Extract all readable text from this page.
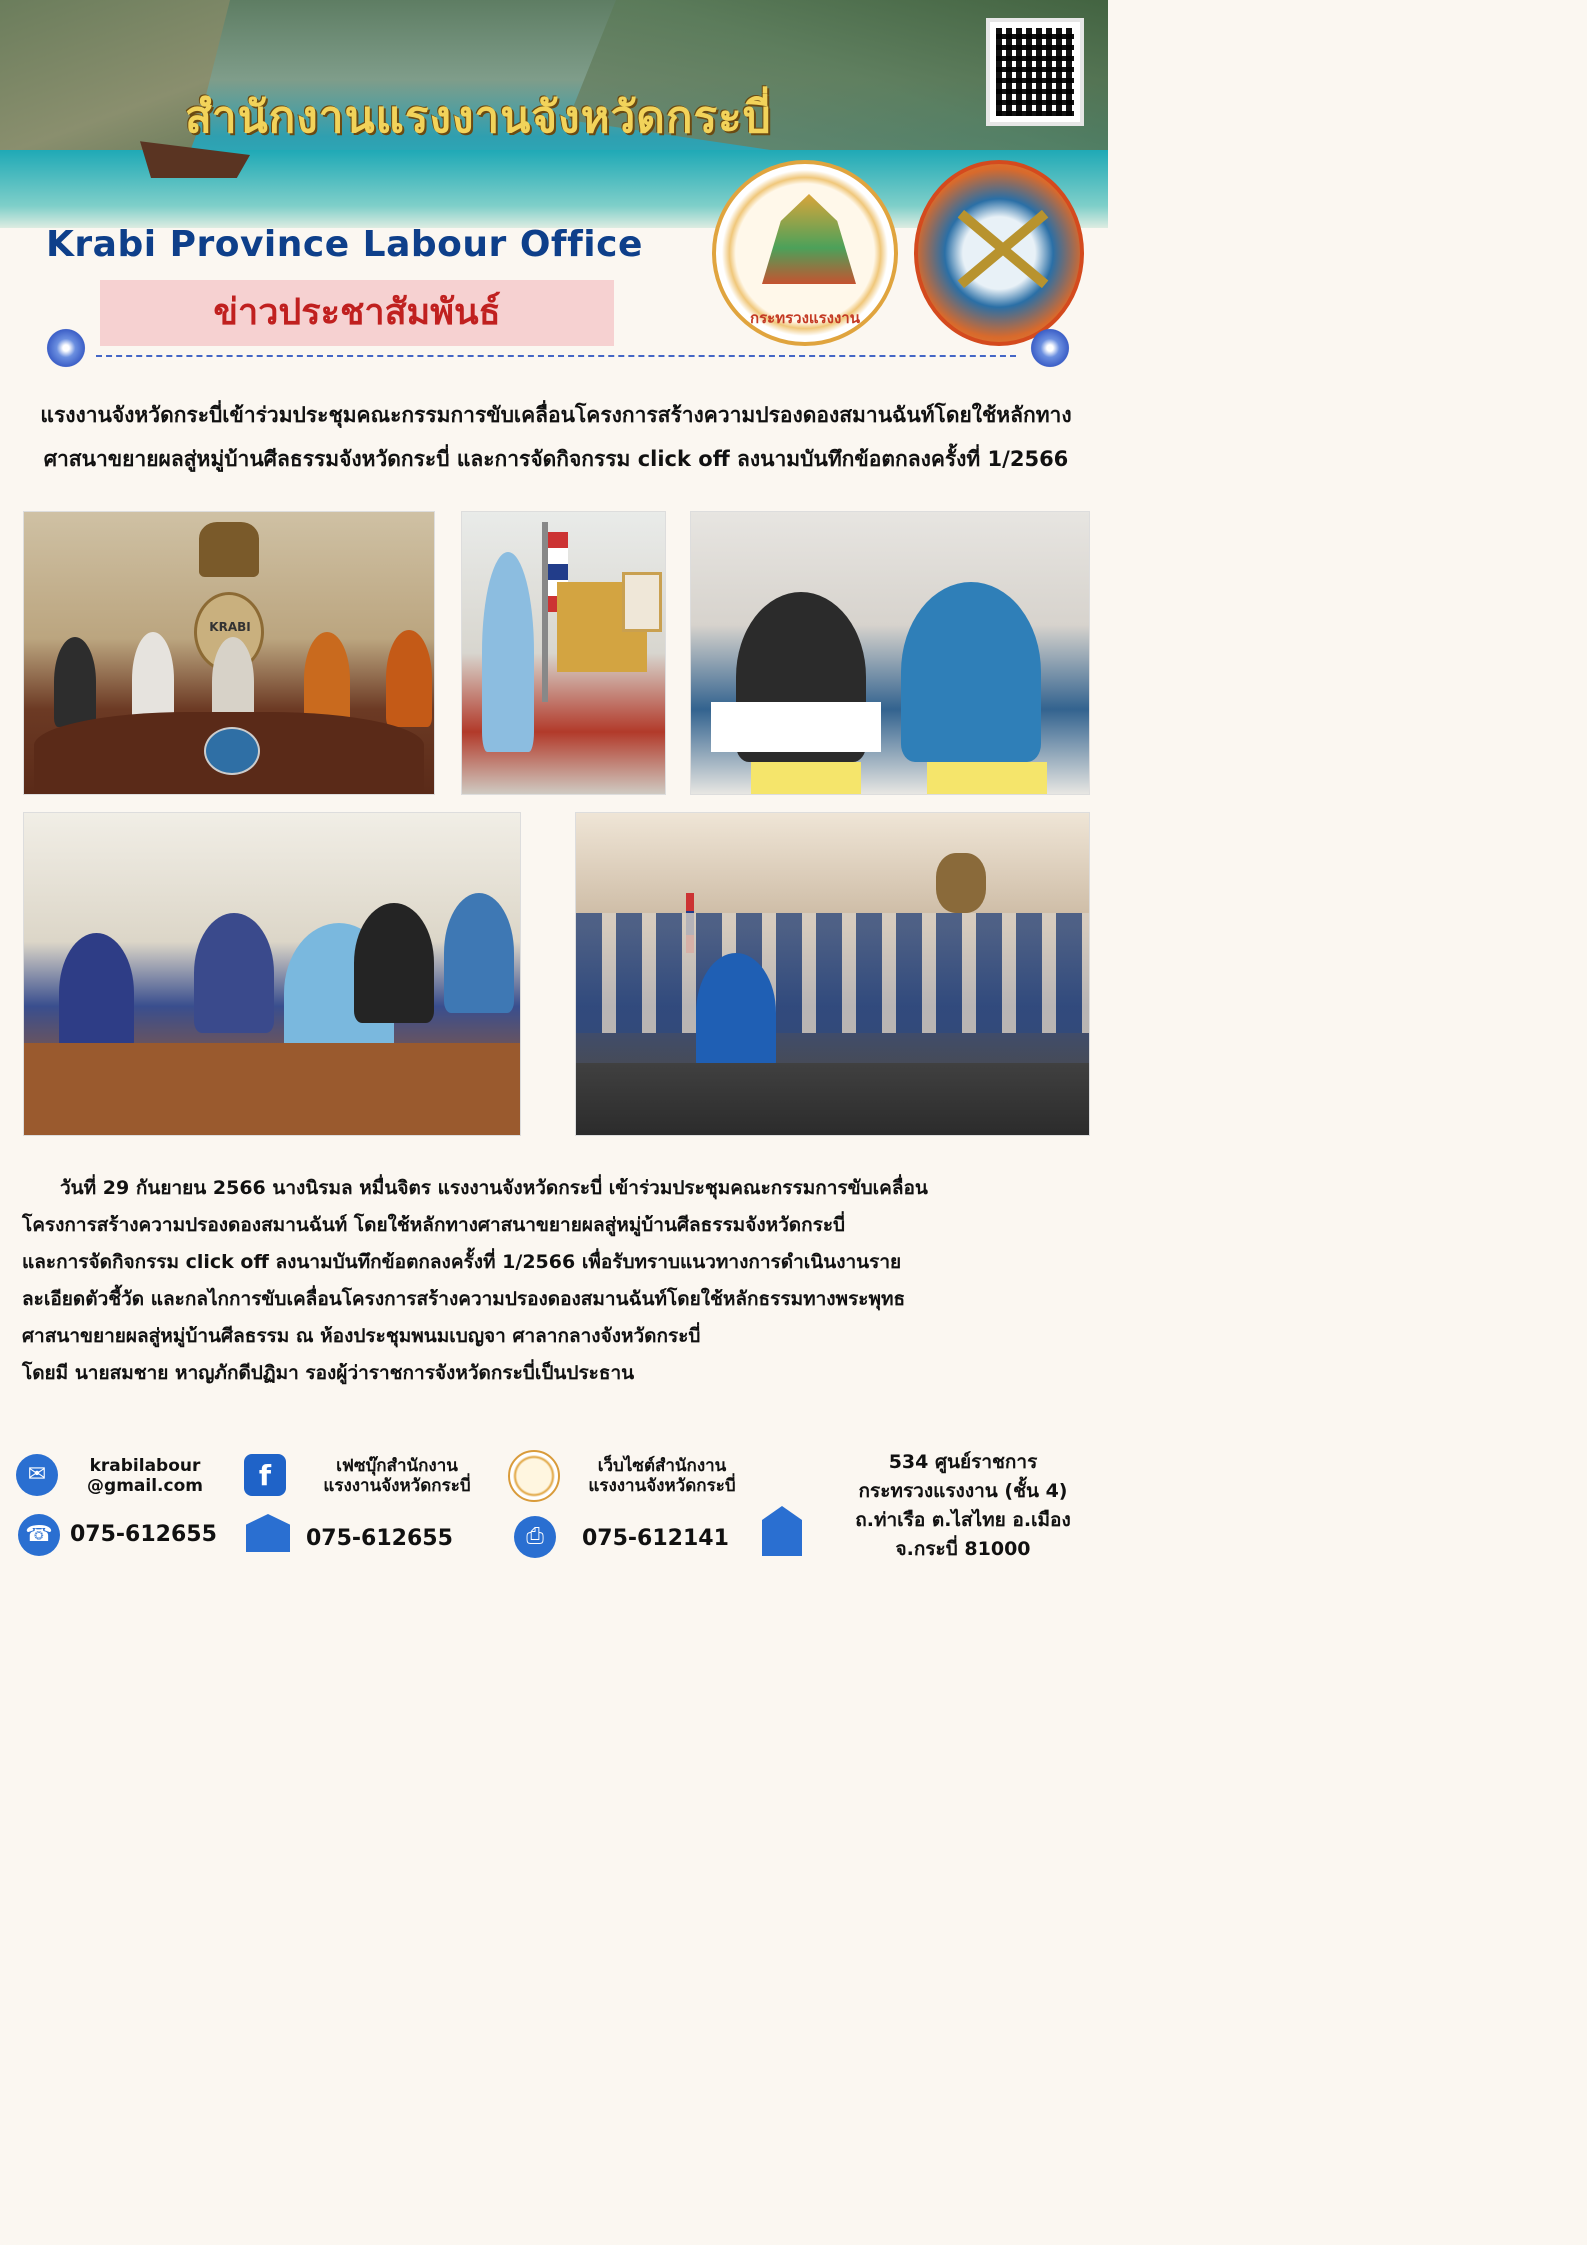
สำนักงานแรงงานจังหวัดกระบี่
Krabi Province Labour Office
ข่าวประชาสัมพันธ์	กระทรวงแรงงาน
แรงงานจังหวัดกระบี่เข้าร่วมประชุมคณะกรรมการขับเคลื่อนโครงการสร้างความปรองดองสมานฉันท์โดยใช้หลักทาง
ศาสนาขยายผลสู่หมู่บ้านศีลธรรมจังหวัดกระบี่ และการจัดกิจกรรม click off ลงนามบันทึกข้อตกลงครั้งที่ 1/2566
KRABI

วันที่ 29 กันยายน 2566 นางนิรมล หมื่นจิตร แรงงานจังหวัดกระบี่ เข้าร่วมประชุมคณะกรรมการขับเคลื่อน

โครงการสร้างความปรองดองสมานฉันท์ โดยใช้หลักทางศาสนาขยายผลสู่หมู่บ้านศีลธรรมจังหวัดกระบี่

และการจัดกิจกรรม click off ลงนามบันทึกข้อตกลงครั้งที่ 1/2566 เพื่อรับทราบแนวทางการดำเนินงานราย

ละเอียดตัวชี้วัด และกลไกการขับเคลื่อนโครงการสร้างความปรองดองสมานฉันท์โดยใช้หลักธรรมทางพระพุทธ

ศาสนาขยายผลสู่หมู่บ้านศีลธรรม ณ ห้องประชุมพนมเบญจา ศาลากลางจังหวัดกระบี่

โดยมี นายสมชาย หาญภักดีปฏิมา รองผู้ว่าราชการจังหวัดกระบี่เป็นประธาน

✉	krabilabour
@gmail.com	f	เฟซบุ๊กสำนักงาน
แรงงานจังหวัดกระบี่
เว็บไซต์สำนักงาน
แรงงานจังหวัดกระบี่
☎ 075-612655	075-612655	⎙	075-612141
534 ศูนย์ราชการ
กระทรวงแรงงาน (ชั้น 4)
ถ.ท่าเรือ ต.ไสไทย อ.เมือง
จ.กระบี่ 81000
